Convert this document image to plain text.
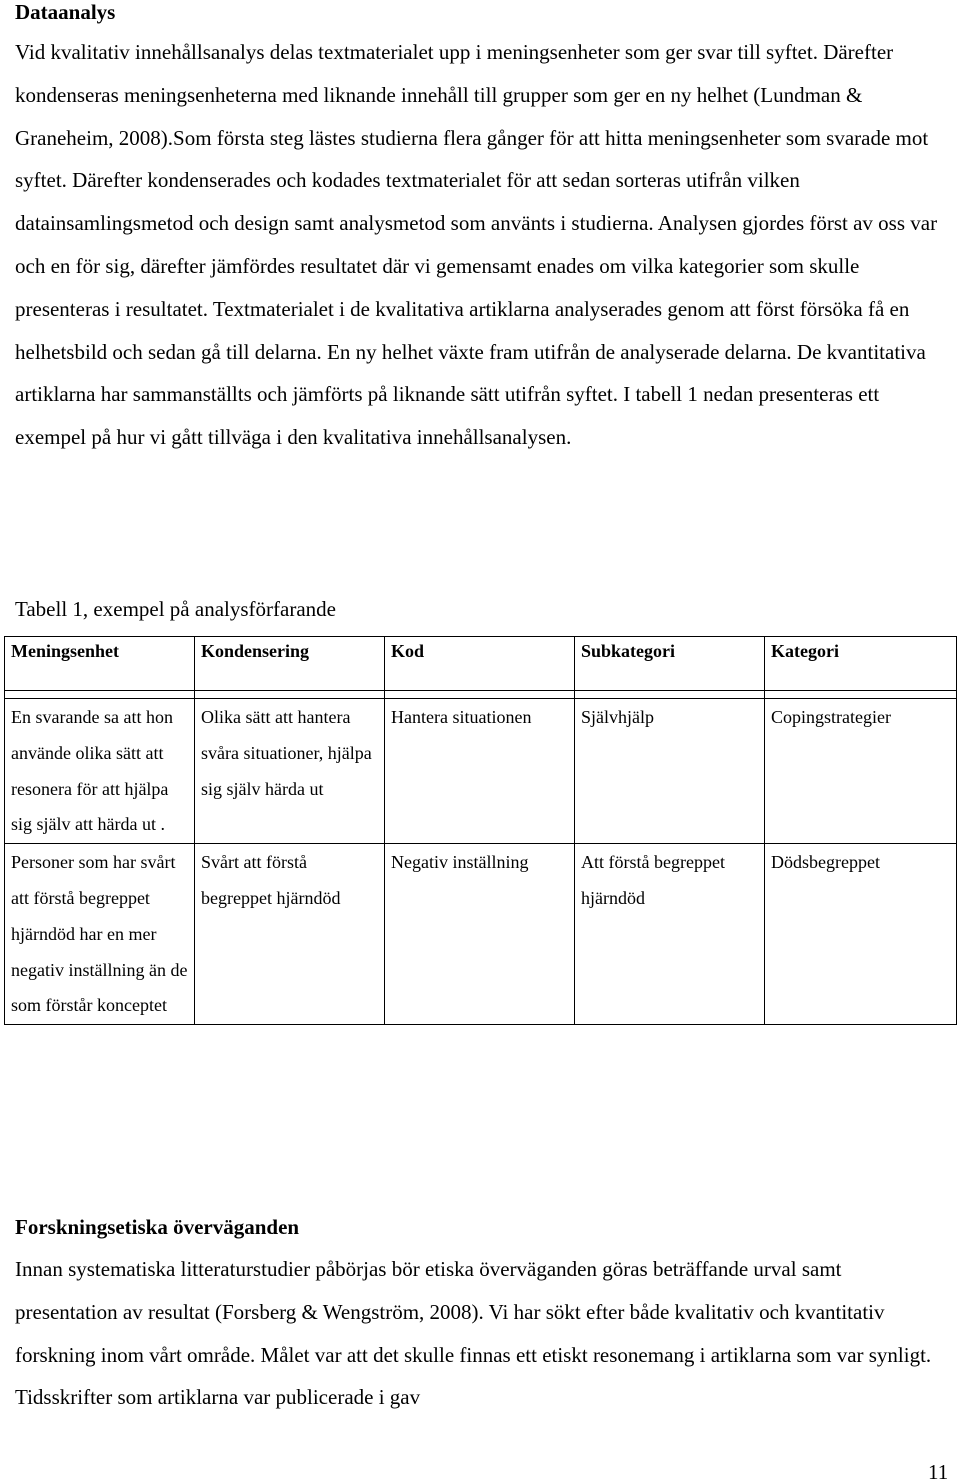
Dataanalys

Vid kvalitativ innehållsanalys delas textmaterialet upp i meningsenheter som ger svar till syftet. Därefter kondenseras meningsenheterna med liknande innehåll till grupper som ger en ny helhet (Lundman & Graneheim, 2008).Som första steg lästes studierna flera gånger för att hitta meningsenheter som svarade mot syftet. Därefter kondenserades och kodades textmaterialet för att sedan sorteras utifrån vilken datainsamlingsmetod och design samt analysmetod som använts i studierna. Analysen gjordes först av oss var och en för sig, därefter jämfördes resultatet där vi gemensamt enades om vilka kategorier som skulle presenteras i resultatet. Textmaterialet i de kvalitativa artiklarna analyserades genom att först försöka få en helhetsbild och sedan gå till delarna. En ny helhet växte fram utifrån de analyserade delarna. De kvantitativa artiklarna har sammanställts och jämförts på liknande sätt utifrån syftet. I tabell 1 nedan presenteras ett exempel på hur vi gått tillväga i den kvalitativa innehållsanalysen.

Tabell 1, exempel på analysförfarande

Meningsenhet	Kondensering	Kod	Subkategori	Kategori

En svarande sa att hon använde olika sätt att resonera för att hjälpa sig själv att härda ut .	Olika sätt att hantera svåra situationer, hjälpa sig själv härda ut	Hantera situationen	Självhjälp	Copingstrategier
Personer som har svårt att förstå begreppet hjärndöd har en mer negativ inställning än de som förstår konceptet	Svårt att förstå begreppet hjärndöd	Negativ inställning	Att förstå begreppet hjärndöd	Dödsbegreppet
Forskningsetiska överväganden

Innan systematiska litteraturstudier påbörjas bör etiska överväganden göras beträffande urval samt presentation av resultat (Forsberg & Wengström, 2008). Vi har sökt efter både kvalitativ och kvantitativ forskning inom vårt område. Målet var att det skulle finnas ett etiskt resonemang i artiklarna som var synligt. Tidsskrifter som artiklarna var publicerade i gav

11
